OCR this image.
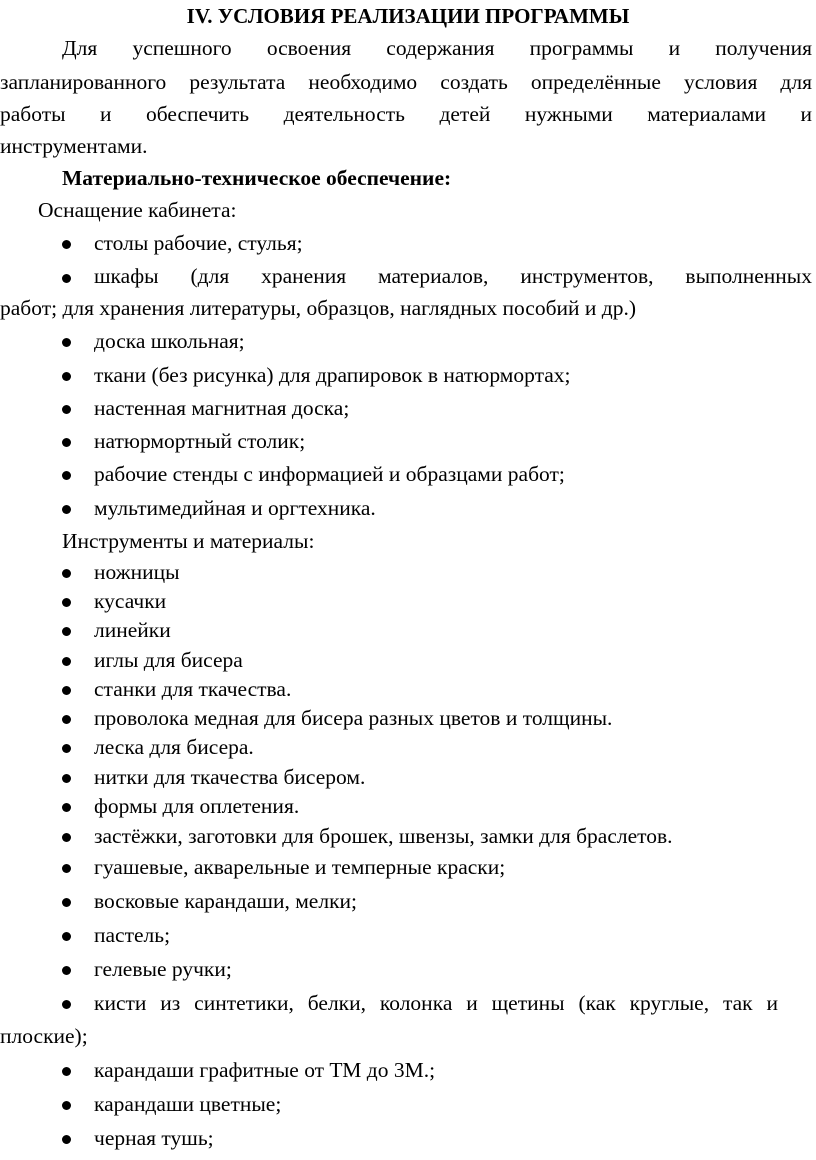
IV. УСЛОВИЯ РЕАЛИЗАЦИИ ПРОГРАММЫ
Для успешного освоения содержания программы и получения
запланированного результата необходимо создать определённые условия для
работы и обеспечить деятельность детей нужными материалами и
инструментами.
Материально-техническое обеспечение:
Оснащение кабинета:
столы рабочие, стулья;
шкафы (для хранения материалов, инструментов, выполненных
работ; для хранения литературы, образцов, наглядных пособий и др.)
доска школьная;
ткани (без рисунка) для драпировок в натюрмортах;
настенная магнитная доска;
натюрмортный столик;
рабочие стенды с информацией и образцами работ;
мультимедийная и оргтехника.
Инструменты и материалы:
ножницы
кусачки
линейки
иглы для бисера
станки для ткачества.
проволока медная для бисера разных цветов и толщины.
леска для бисера.
нитки для ткачества бисером.
формы для оплетения.
застёжки, заготовки для брошек, швензы, замки для браслетов.
гуашевые, акварельные и темперные краски;
восковые карандаши, мелки;
пастель;
гелевые ручки;
кисти из синтетики, белки, колонка и щетины (как круглые, так и
плоские);
карандаши графитные от ТМ до 3М.;
карандаши цветные;
черная тушь;
